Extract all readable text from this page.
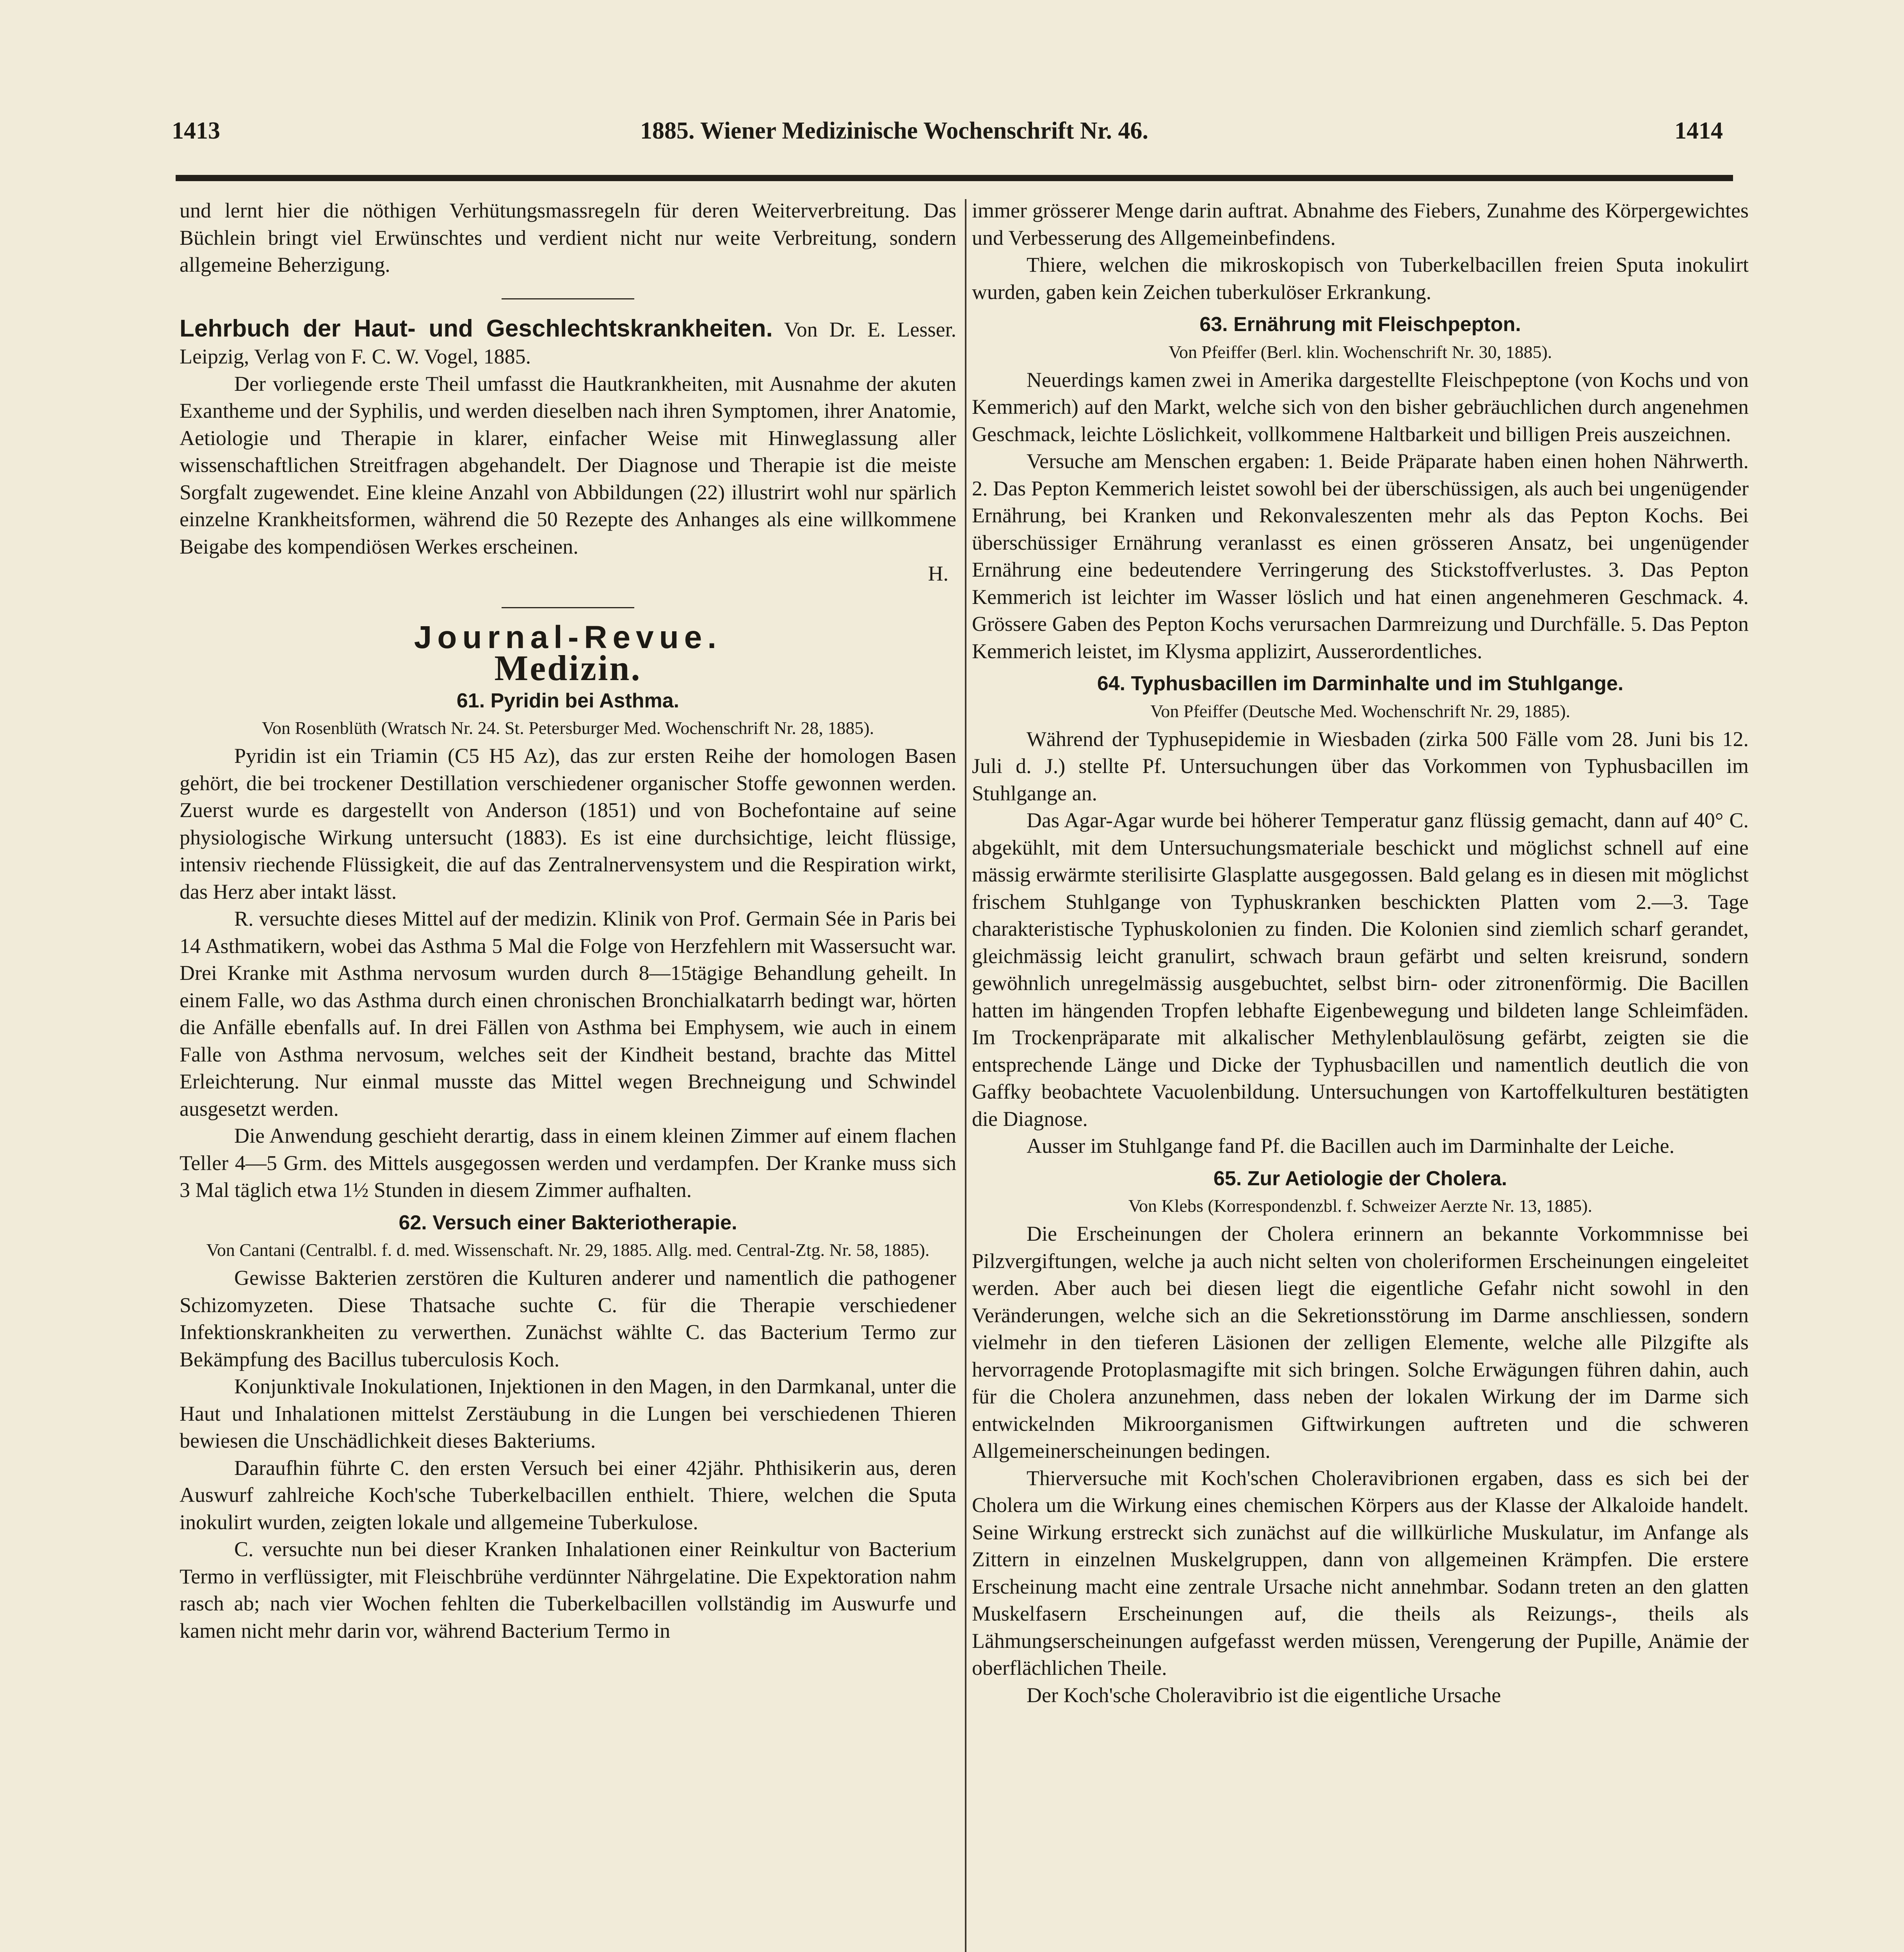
1413	1885. Wiener Medizinische Wochenschrift Nr. 46.	1414

und lernt hier die nöthigen Verhütungsmassregeln für deren Weiterverbreitung. Das Büchlein bringt viel Erwünschtes und verdient nicht nur weite Verbreitung, sondern allgemeine Beherzigung.

Lehrbuch der Haut- und Geschlechtskrankheiten. Von Dr. E. Lesser. Leipzig, Verlag von F. C. W. Vogel, 1885.

Der vorliegende erste Theil umfasst die Hautkrankheiten, mit Ausnahme der akuten Exantheme und der Syphilis, und werden dieselben nach ihren Symptomen, ihrer Anatomie, Aetiologie und Therapie in klarer, einfacher Weise mit Hinweglassung aller wissenschaftlichen Streitfragen abgehandelt. Der Diagnose und Therapie ist die meiste Sorgfalt zugewendet. Eine kleine Anzahl von Abbildungen (22) illustrirt wohl nur spärlich einzelne Krankheitsformen, während die 50 Rezepte des Anhanges als eine willkommene Beigabe des kompendiösen Werkes erscheinen.

H.
Journal-Revue.
Medizin.
61. Pyridin bei Asthma.
Von Rosenblüth (Wratsch Nr. 24. St. Petersburger Med. Wochenschrift Nr. 28, 1885).

Pyridin ist ein Triamin (C5 H5 Az), das zur ersten Reihe der homologen Basen gehört, die bei trockener Destillation verschiedener organischer Stoffe gewonnen werden. Zuerst wurde es dargestellt von Anderson (1851) und von Bochefontaine auf seine physiologische Wirkung untersucht (1883). Es ist eine durchsichtige, leicht flüssige, intensiv riechende Flüssigkeit, die auf das Zentralnervensystem und die Respiration wirkt, das Herz aber intakt lässt.

R. versuchte dieses Mittel auf der medizin. Klinik von Prof. Germain Sée in Paris bei 14 Asthmatikern, wobei das Asthma 5 Mal die Folge von Herzfehlern mit Wassersucht war. Drei Kranke mit Asthma nervosum wurden durch 8—15tägige Behandlung geheilt. In einem Falle, wo das Asthma durch einen chronischen Bronchialkatarrh bedingt war, hörten die Anfälle ebenfalls auf. In drei Fällen von Asthma bei Emphysem, wie auch in einem Falle von Asthma nervosum, welches seit der Kindheit bestand, brachte das Mittel Erleichterung. Nur einmal musste das Mittel wegen Brechneigung und Schwindel ausgesetzt werden.

Die Anwendung geschieht derartig, dass in einem kleinen Zimmer auf einem flachen Teller 4—5 Grm. des Mittels ausgegossen werden und verdampfen. Der Kranke muss sich 3 Mal täglich etwa 1½ Stunden in diesem Zimmer aufhalten.

62. Versuch einer Bakteriotherapie.
Von Cantani (Centralbl. f. d. med. Wissenschaft. Nr. 29, 1885. Allg. med. Central-Ztg. Nr. 58, 1885).

Gewisse Bakterien zerstören die Kulturen anderer und namentlich die pathogener Schizomyzeten. Diese Thatsache suchte C. für die Therapie verschiedener Infektionskrankheiten zu verwerthen. Zunächst wählte C. das Bacterium Termo zur Bekämpfung des Bacillus tuberculosis Koch.

Konjunktivale Inokulationen, Injektionen in den Magen, in den Darmkanal, unter die Haut und Inhalationen mittelst Zerstäubung in die Lungen bei verschiedenen Thieren bewiesen die Unschädlichkeit dieses Bakteriums.

Daraufhin führte C. den ersten Versuch bei einer 42jähr. Phthisikerin aus, deren Auswurf zahlreiche Koch'sche Tuberkelbacillen enthielt. Thiere, welchen die Sputa inokulirt wurden, zeigten lokale und allgemeine Tuberkulose.

C. versuchte nun bei dieser Kranken Inhalationen einer Reinkultur von Bacterium Termo in verflüssigter, mit Fleischbrühe verdünnter Nährgelatine. Die Expektoration nahm rasch ab; nach vier Wochen fehlten die Tuberkelbacillen vollständig im Auswurfe und kamen nicht mehr darin vor, während Bacterium Termo in

immer grösserer Menge darin auftrat. Abnahme des Fiebers, Zunahme des Körpergewichtes und Verbesserung des Allgemeinbefindens.

Thiere, welchen die mikroskopisch von Tuberkelbacillen freien Sputa inokulirt wurden, gaben kein Zeichen tuberkulöser Erkrankung.

63. Ernährung mit Fleischpepton.
Von Pfeiffer (Berl. klin. Wochenschrift Nr. 30, 1885).

Neuerdings kamen zwei in Amerika dargestellte Fleischpeptone (von Kochs und von Kemmerich) auf den Markt, welche sich von den bisher gebräuchlichen durch angenehmen Geschmack, leichte Löslichkeit, vollkommene Haltbarkeit und billigen Preis auszeichnen.

Versuche am Menschen ergaben: 1. Beide Präparate haben einen hohen Nährwerth. 2. Das Pepton Kemmerich leistet sowohl bei der überschüssigen, als auch bei ungenügender Ernährung, bei Kranken und Rekonvaleszenten mehr als das Pepton Kochs. Bei überschüssiger Ernährung veranlasst es einen grösseren Ansatz, bei ungenügender Ernährung eine bedeutendere Verringerung des Stickstoffverlustes. 3. Das Pepton Kemmerich ist leichter im Wasser löslich und hat einen angenehmeren Geschmack. 4. Grössere Gaben des Pepton Kochs verursachen Darmreizung und Durchfälle. 5. Das Pepton Kemmerich leistet, im Klysma applizirt, Ausserordentliches.

64. Typhusbacillen im Darminhalte und im Stuhlgange.
Von Pfeiffer (Deutsche Med. Wochenschrift Nr. 29, 1885).

Während der Typhusepidemie in Wiesbaden (zirka 500 Fälle vom 28. Juni bis 12. Juli d. J.) stellte Pf. Untersuchungen über das Vorkommen von Typhusbacillen im Stuhlgange an.

Das Agar-Agar wurde bei höherer Temperatur ganz flüssig gemacht, dann auf 40° C. abgekühlt, mit dem Untersuchungsmateriale beschickt und möglichst schnell auf eine mässig erwärmte sterilisirte Glasplatte ausgegossen. Bald gelang es in diesen mit möglichst frischem Stuhlgange von Typhuskranken beschickten Platten vom 2.—3. Tage charakteristische Typhuskolonien zu finden. Die Kolonien sind ziemlich scharf gerandet, gleichmässig leicht granulirt, schwach braun gefärbt und selten kreisrund, sondern gewöhnlich unregelmässig ausgebuchtet, selbst birn- oder zitronenförmig. Die Bacillen hatten im hängenden Tropfen lebhafte Eigenbewegung und bildeten lange Schleimfäden. Im Trockenpräparate mit alkalischer Methylenblaulösung gefärbt, zeigten sie die entsprechende Länge und Dicke der Typhusbacillen und namentlich deutlich die von Gaffky beobachtete Vacuolenbildung. Untersuchungen von Kartoffelkulturen bestätigten die Diagnose.

Ausser im Stuhlgange fand Pf. die Bacillen auch im Darminhalte der Leiche.

65. Zur Aetiologie der Cholera.
Von Klebs (Korrespondenzbl. f. Schweizer Aerzte Nr. 13, 1885).

Die Erscheinungen der Cholera erinnern an bekannte Vorkommnisse bei Pilzvergiftungen, welche ja auch nicht selten von choleriformen Erscheinungen eingeleitet werden. Aber auch bei diesen liegt die eigentliche Gefahr nicht sowohl in den Veränderungen, welche sich an die Sekretionsstörung im Darme anschliessen, sondern vielmehr in den tieferen Läsionen der zelligen Elemente, welche alle Pilzgifte als hervorragende Protoplasmagifte mit sich bringen. Solche Erwägungen führen dahin, auch für die Cholera anzunehmen, dass neben der lokalen Wirkung der im Darme sich entwickelnden Mikroorganismen Giftwirkungen auftreten und die schweren Allgemeinerscheinungen bedingen.

Thierversuche mit Koch'schen Choleravibrionen ergaben, dass es sich bei der Cholera um die Wirkung eines chemischen Körpers aus der Klasse der Alkaloide handelt. Seine Wirkung erstreckt sich zunächst auf die willkürliche Muskulatur, im Anfange als Zittern in einzelnen Muskelgruppen, dann von allgemeinen Krämpfen. Die erstere Erscheinung macht eine zentrale Ursache nicht annehmbar. Sodann treten an den glatten Muskelfasern Erscheinungen auf, die theils als Reizungs-, theils als Lähmungserscheinungen aufgefasst werden müssen, Verengerung der Pupille, Anämie der oberflächlichen Theile.

Der Koch'sche Choleravibrio ist die eigentliche Ursache
